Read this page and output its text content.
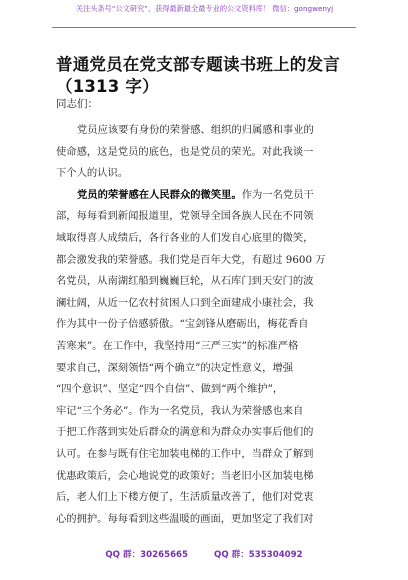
关注头条号“公文研究”，获得最新最全最专业的公文资料库！ 微信：gongwenyj
普通党员在党支部专题读书班上的发言
（1313 字）
同志们：
党员应该要有身份的荣誉感、组织的归属感和事业的
使命感，这是党员的底色，也是党员的荣光。对此我谈一
下个人的认识。
党员的荣誉感在人民群众的微笑里。作为一名党员干
部，每每看到新闻报道里，党领导全国各族人民在不同领
域取得喜人成绩后，各行各业的人们发自心底里的微笑，
都会激发我的荣誉感。我们党是百年大党，有超过 9600 万
名党员，从南湖红船到巍巍巨轮，从石库门到天安门的波
澜壮阔，从近一亿农村贫困人口到全面建成小康社会，我
作为其中一份子倍感骄傲。“宝剑锋从磨砺出，梅花香自
苦寒来”。在工作中，我坚持用“三严三实”的标准严格
要求自己，深刻领悟“两个确立”的决定性意义，增强
“四个意识”、坚定“四个自信”、做到“两个维护”，
牢记“三个务必”。作为一名党员，我认为荣誉感也来自
于把工作落到实处后群众的满意和为群众办实事后他们的
认可。在参与既有住宅加装电梯的工作中，当群众了解到
优惠政策后，会心地说党的政策好；当老旧小区加装电梯
后，老人们上下楼方便了，生活质量改善了，他们对党衷
心的拥护。每每看到这些温暖的画面，更加坚定了我们对
QQ 群：30265665	QQ 群：535304092
